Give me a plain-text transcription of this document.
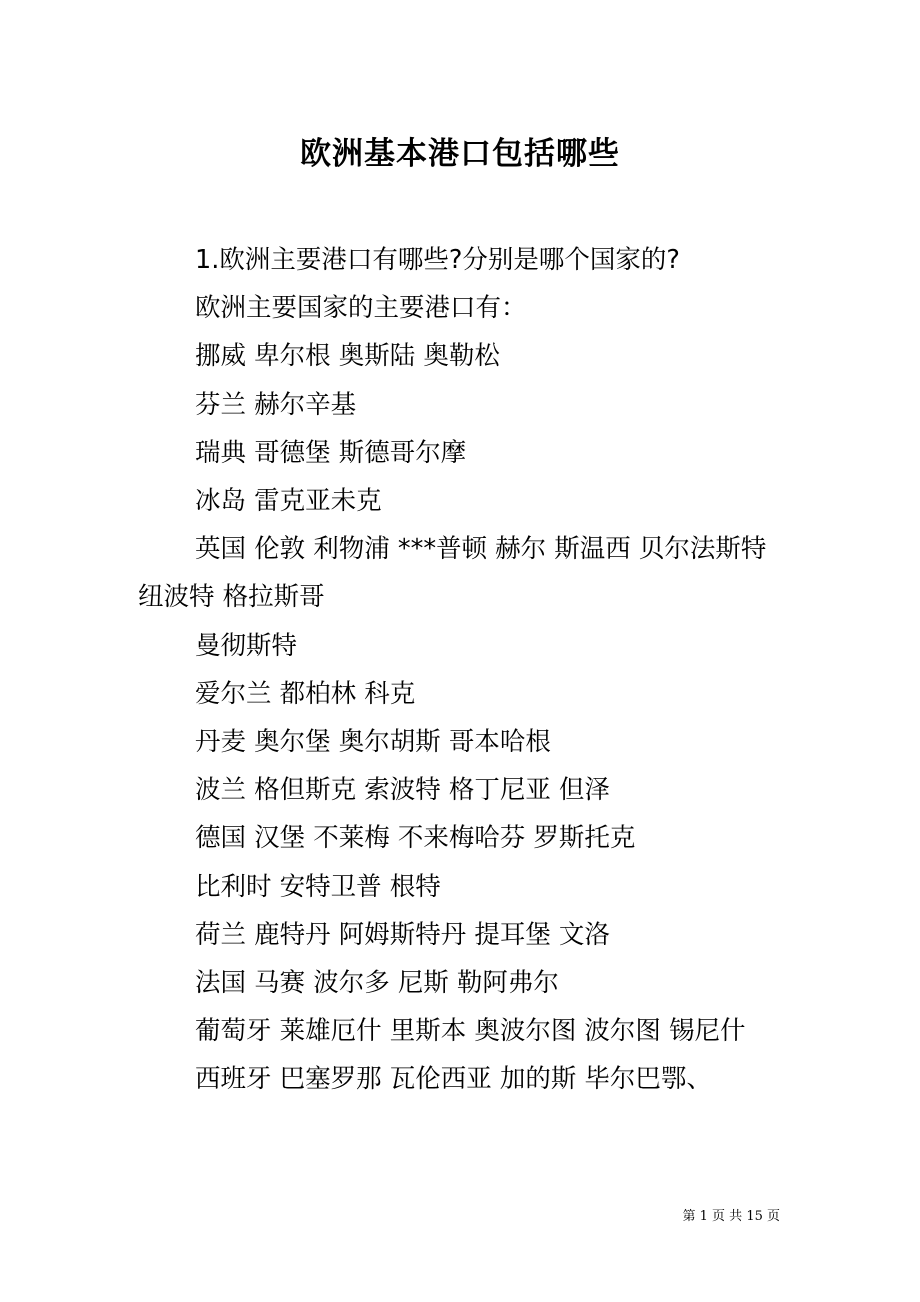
欧洲基本港口包括哪些

1.欧洲主要港口有哪些?分别是哪个国家的?

欧洲主要国家的主要港口有：

挪威 卑尔根 奥斯陆 奥勒松

芬兰 赫尔辛基

瑞典 哥德堡 斯德哥尔摩

冰岛 雷克亚未克

英国 伦敦 利物浦 ***普顿 赫尔 斯温西 贝尔法斯特 纽波特 格拉斯哥

曼彻斯特

爱尔兰 都柏林 科克

丹麦 奥尔堡 奥尔胡斯 哥本哈根

波兰 格但斯克 索波特 格丁尼亚 但泽

德国 汉堡 不莱梅 不来梅哈芬 罗斯托克

比利时 安特卫普 根特

荷兰 鹿特丹 阿姆斯特丹 提耳堡 文洛

法国 马赛 波尔多 尼斯 勒阿弗尔

葡萄牙 莱雄厄什 里斯本 奥波尔图 波尔图 锡尼什

西班牙 巴塞罗那 瓦伦西亚 加的斯 毕尔巴鄂、

第 1 页 共 15 页
